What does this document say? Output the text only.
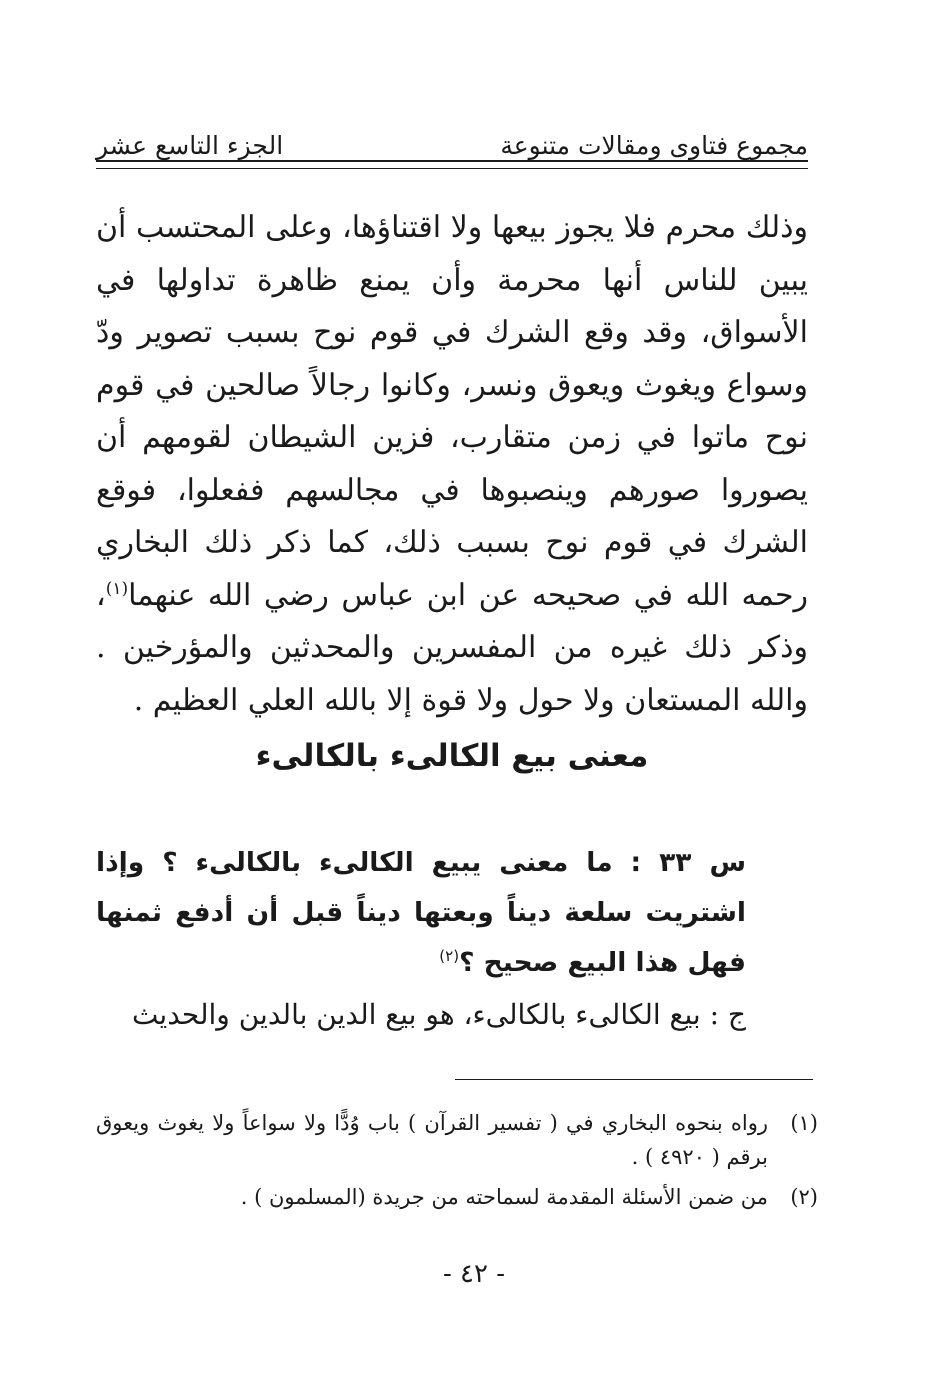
مجموع فتاوى ومقالات متنوعة
الجزء التاسع عشر

وذلك محرم فلا يجوز بيعها ولا اقتناؤها، وعلى المحتسب أن يبين للناس أنها محرمة وأن يمنع ظاهرة تداولها في الأسواق، وقد وقع الشرك في قوم نوح بسبب تصوير ودّ وسواع ويغوث ويعوق ونسر، وكانوا رجالاً صالحين في قوم نوح ماتوا في زمن متقارب، فزين الشيطان لقومهم أن يصوروا صورهم وينصبوها في مجالسهم ففعلوا، فوقع الشرك في قوم نوح بسبب ذلك، كما ذكر ذلك البخاري رحمه الله في صحيحه عن ابن عباس رضي الله عنهما$^{(١)}$، وذكر ذلك غيره من المفسرين والمحدثين والمؤرخين . والله المستعان ولا حول ولا قوة إلا بالله العلي العظيم .

معنى بيع الكالىء بالكالىء

س ٣٣ : ما معنى يبيع الكالىء بالكالىء ؟ وإذا اشتريت سلعة ديناً وبعتها ديناً قبل أن أدفع ثمنها فهل هذا البيع صحيح ؟$^{(٢)}$

ج : بيع الكالىء بالكالىء، هو بيع الدين بالدين والحديث

(١)
رواه بنحوه البخاري في ( تفسير القرآن ) باب وُدًّا ولا سواعاً ولا يغوث ويعوق برقم ( ٤٩٢٠ ) .
(٢)
من ضمن الأسئلة المقدمة لسماحته من جريدة (المسلمون ) .
- ٤٢ -
